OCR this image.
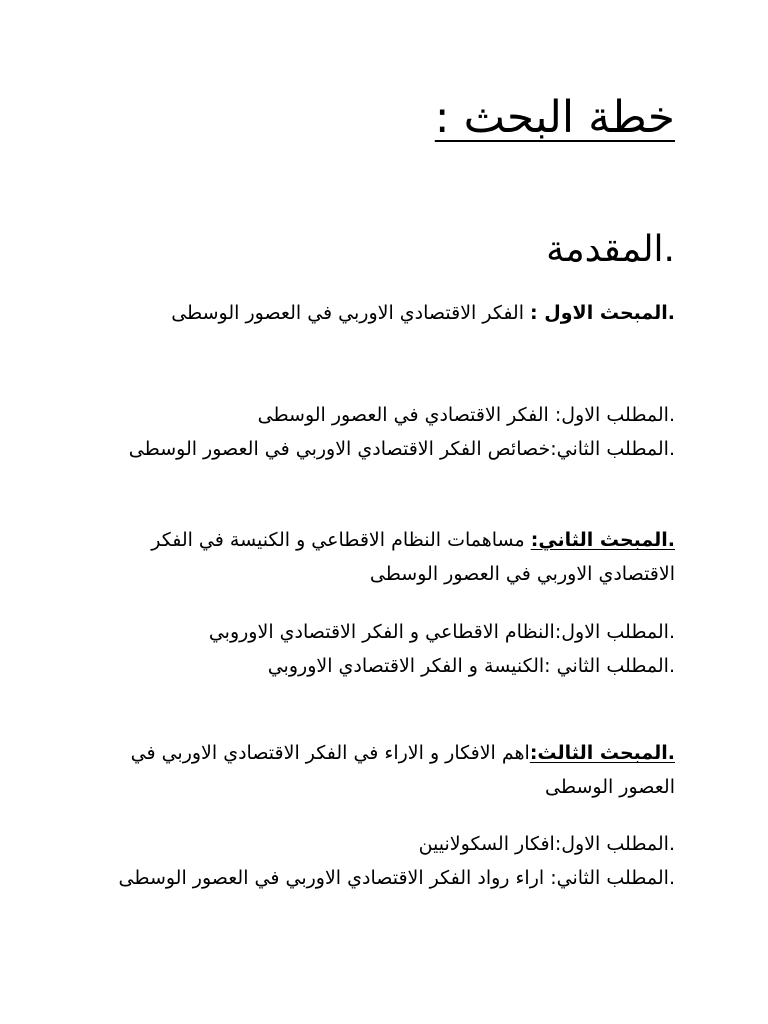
خطة البحث :
.المقدمة

.المبحث الاول : الفكر الاقتصادي الاوربي في العصور الوسطى

.المطلب الاول: الفكر الاقتصادي في العصور الوسطى
.المطلب الثاني:خصائص الفكر الاقتصادي الاوربي في العصور الوسطى

.المبحث الثاني: مساهمات النظام الاقطاعي و الكنيسة في الفكر الاقتصادي الاوربي في العصور الوسطى

.المطلب الاول:النظام الاقطاعي و الفكر الاقتصادي الاوروبي
.المطلب الثاني :الكنيسة و الفكر الاقتصادي الاوروبي

.المبحث الثالث:اهم الافكار و الاراء في الفكر الاقتصادي الاوربي في العصور الوسطى

.المطلب الاول:افكار السكولانيين
.المطلب الثاني: اراء رواد الفكر الاقتصادي الاوربي في العصور الوسطى
